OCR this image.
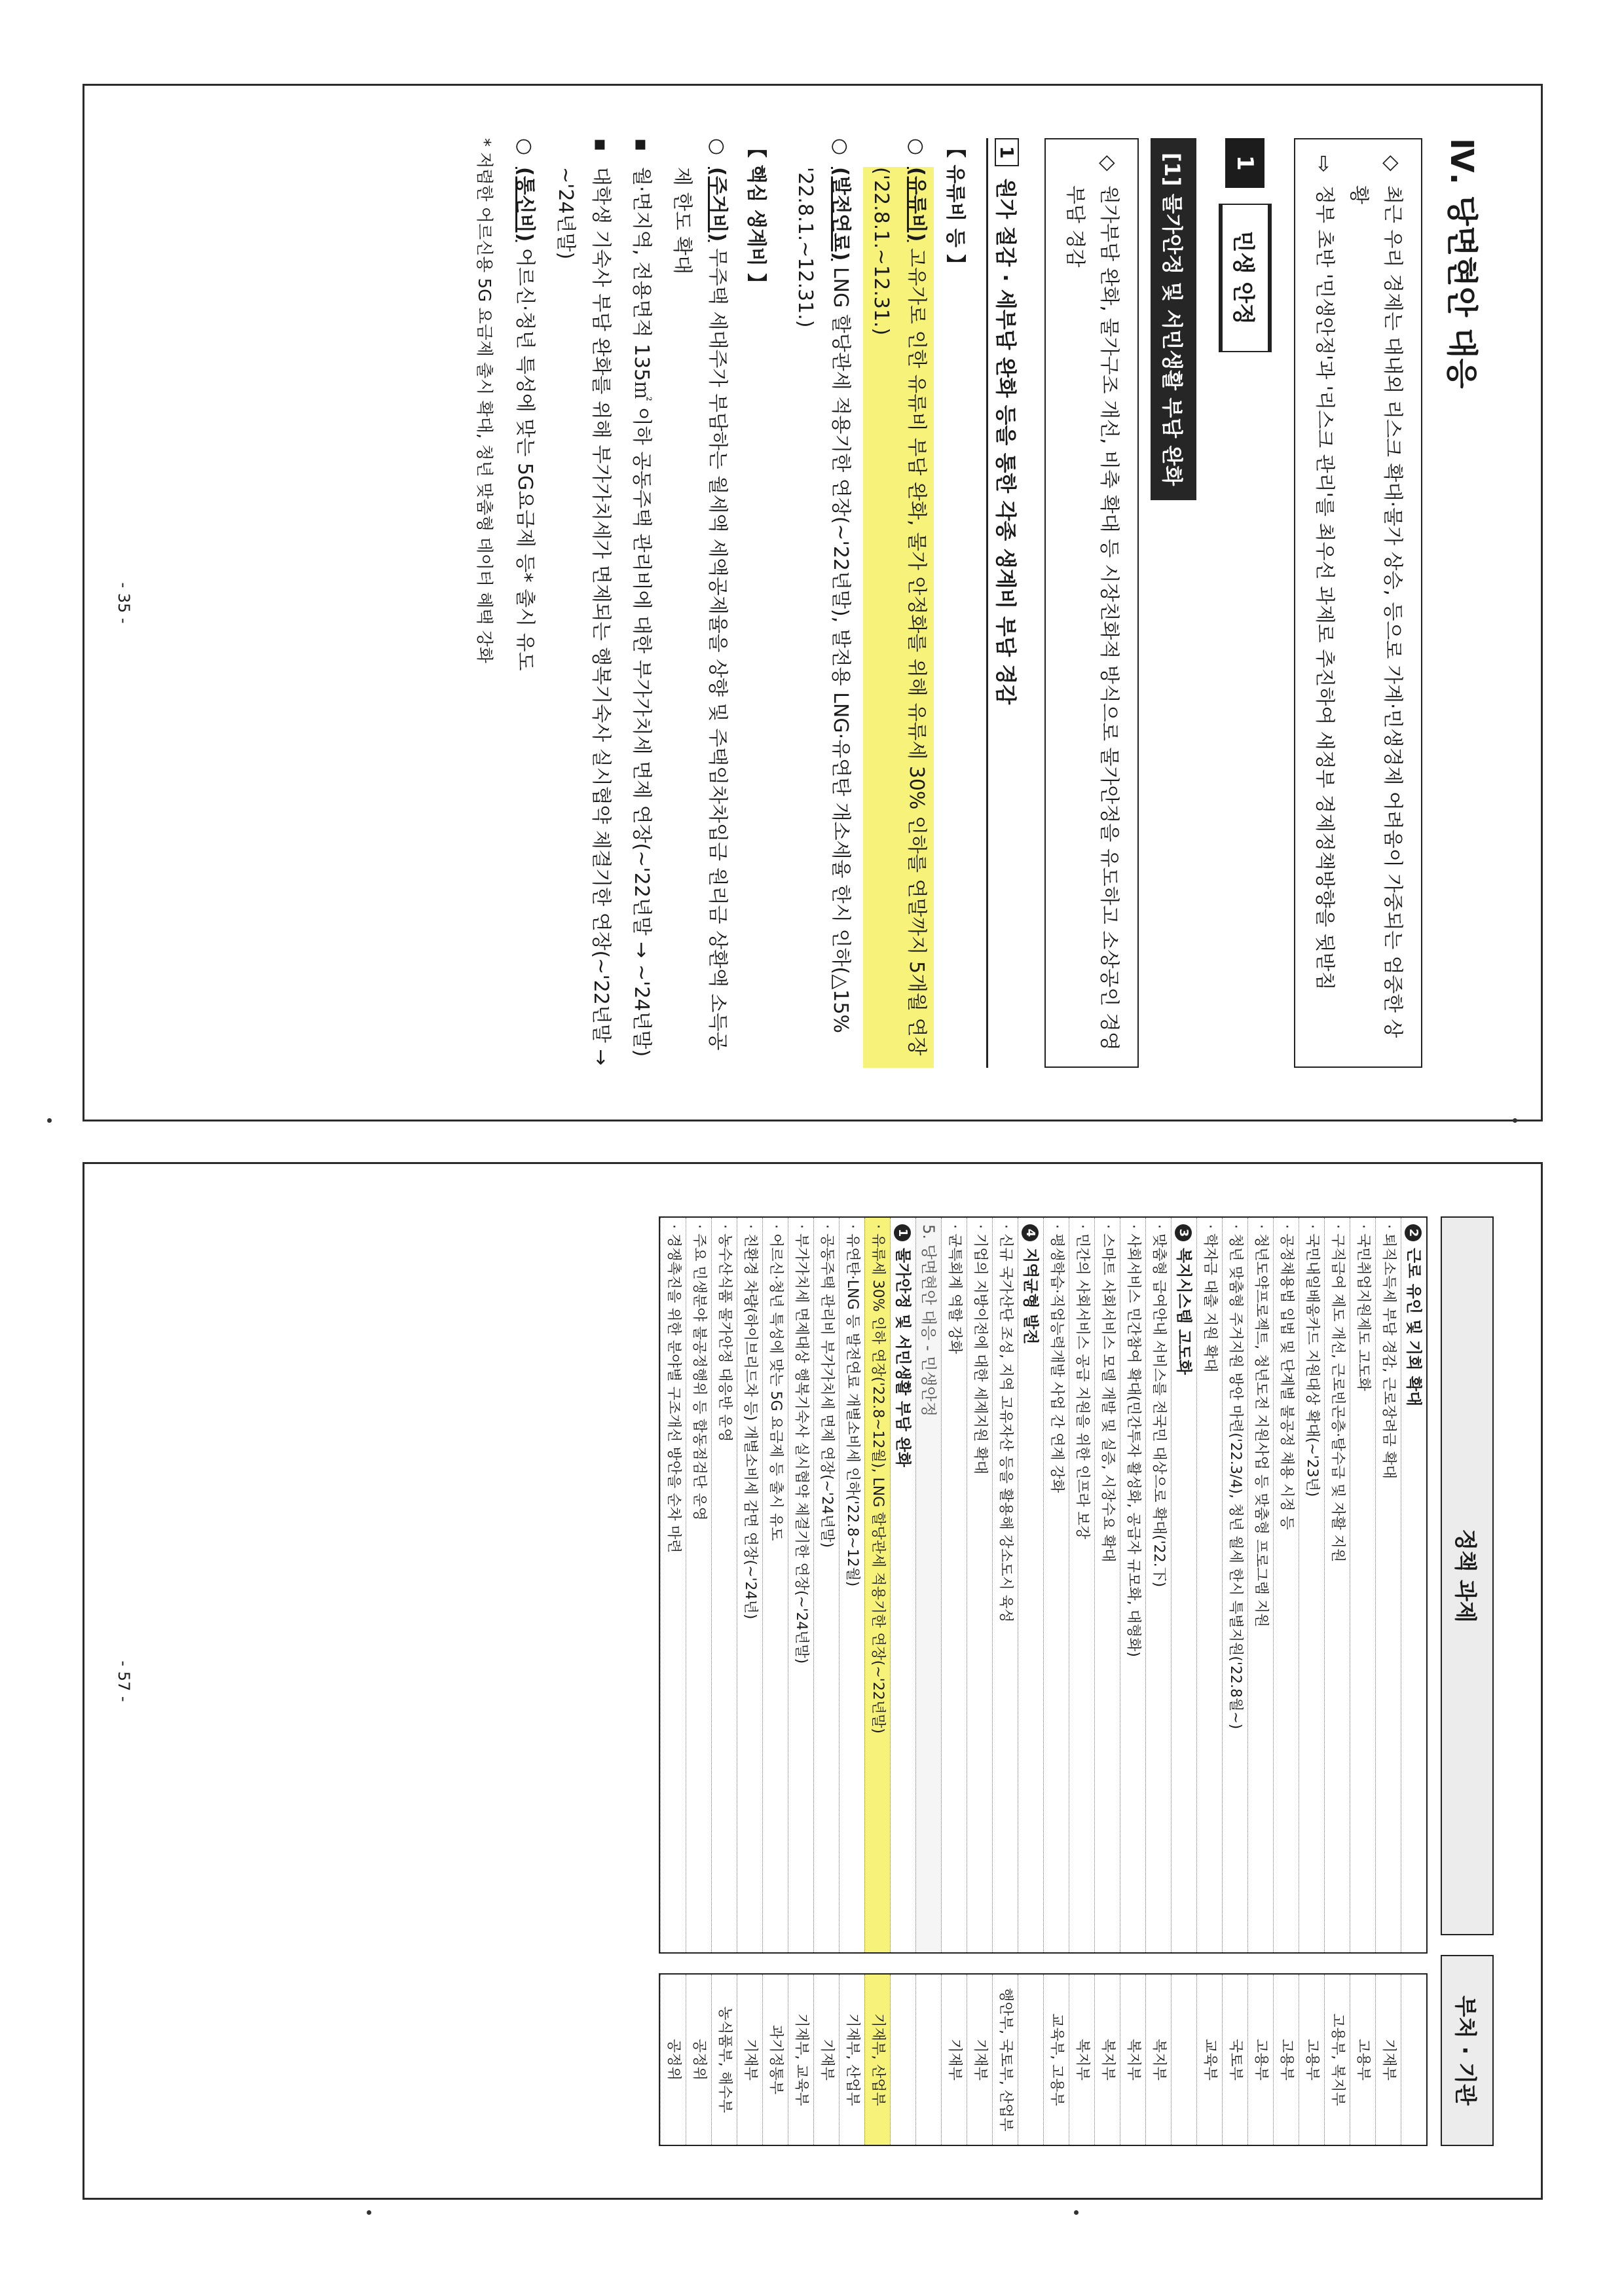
Ⅳ. 당면현안 대응
◇
최근 우리 경제는 대내외 리스크 확대·물가 상승, 등으로 가계·민생경제 어려움이 가중되는 엄중한 상황
⇨
정부 초반 '민생안정'과 '리스크 관리'를 최우선 과제로 추진하여 새정부 경제정책방향을 뒷받침
1
민생 안정
[1] 물가안정 및 서민생활 부담 완화
◇
원가부담 완화, 물가구조 개선, 비축 확대 등 시장친화적 방식으로 물가안정을 유도하고 소상공인 경영부담 경감
1
원가 절감 · 세부담 완화 등을 통한 각종 생계비 부담 경감
【 유류비 등 】
○
(유류비) 고유가로 인한 유류비 부담 완화, 물가 안정화를 위해 유류세 30% 인하를 연말까지 5개월 연장('22.8.1.~12.31.)
○
(발전연료) LNG 할당관세 적용기한 연장(~'22년말), 발전용 LNG·유연탄 개소세율 한시 인하(△15% '22.8.1.~12.31.)
【 핵심 생계비 】
○
(주거비) 무주택 세대주가 부담하는 월세액 세액공제율을 상향 및 주택임차차입금 원리금 상환액 소득공제 한도 확대
▪
월·면지역, 전용면적 135㎡ 이하 공동주택 관리비에 대한 부가가치세 면제 연장(~'22년말 → ~'24년말)
▪
대학생 기숙사 부담 완화를 위해 부가가치세가 면제되는 행복기숙사 실시협약 체결기한 연장(~'22년말 → ~'24년말)
○
(통신비) 어르신·청년 특성에 맞는 5G요금제 등* 출시 유도
* 저렴한 어르신용 5G 요금제 출시 확대, 청년 맞춤형 데이터 혜택 강화
- 35 -
정책 과제
부처 · 기관
2근로 유인 및 기회 확대
· 퇴직소득세 부담 경감, 근로장려금 확대
· 국민취업지원제도 고도화
· 구직급여 제도 개선, 근로빈곤층·탈수급 및 자활 지원
· 국민내일배움카드 지원대상 확대(~'23년)
· 공정채용법 입법 및 단계별 불공정 채용 시정 등
· 청년도약프로젝트, 청년도전 지원사업 등 맞춤형 프로그램 지원
· 청년 맞춤형 주거지원 방안 마련('22.3/4), 청년 월세 한시 특별지원('22.8월~)
· 학자금 대출 지원 확대
3복지시스템 고도화
· 맞춤형 급여안내 서비스를 전국민 대상으로 확대('22.下)
· 사회서비스 민간참여 확대(민간투자 활성화, 공급자 규모화, 대형화)
· 스마트 사회서비스 모델 개발 및 실증, 시장수요 확대
· 민간의 사회서비스 공급 지원을 위한 인프라 보강
· 평생학습·직업능력개발 사업 간 연계 강화
4지역균형 발전
· 신규 국가산단 조성, 지역 고유자산 등을 활용해 강소도시 육성
· 기업의 지방이전에 대한 세제지원 확대
· 균특회계 역할 강화
5. 당면현안 대응 - 민생안정
1물가안정 및 서민생활 부담 완화
· 유류세 30% 인하 연장('22.8~12월), LNG 할당관세 적용기한 연장(~'22년말)
· 유연탄·LNG 등 발전연료 개별소비세 인하('22.8~12월)
· 공동주택 관리비 부가가치세 면제 연장(~'24년말)
· 부가가치세 면제대상 행복기숙사 실시협약 체결기한 연장(~'24년말)
· 어르신·청년 특성에 맞는 5G 요금제 등 출시 유도
· 친환경 차량(하이브리드차 등) 개별소비세 감면 연장(~'24년)
· 농수산식품 물가안정 대응반 운영
· 주요 민생분야 불공정행위 등 합동점검단 운영
· 경쟁촉진을 위한 분야별 구조개선 방안을 순차 마련
기재부
고용부
고용부, 복지부
고용부
고용부
고용부
국토부
교육부
복지부
복지부
복지부
복지부
교육부, 고용부
행안부, 국토부, 산업부
기재부
기재부
기재부, 산업부
기재부, 산업부
기재부
기재부, 교육부
과기정통부
기재부
농식품부, 해수부
공정위
공정위
- 57 -
